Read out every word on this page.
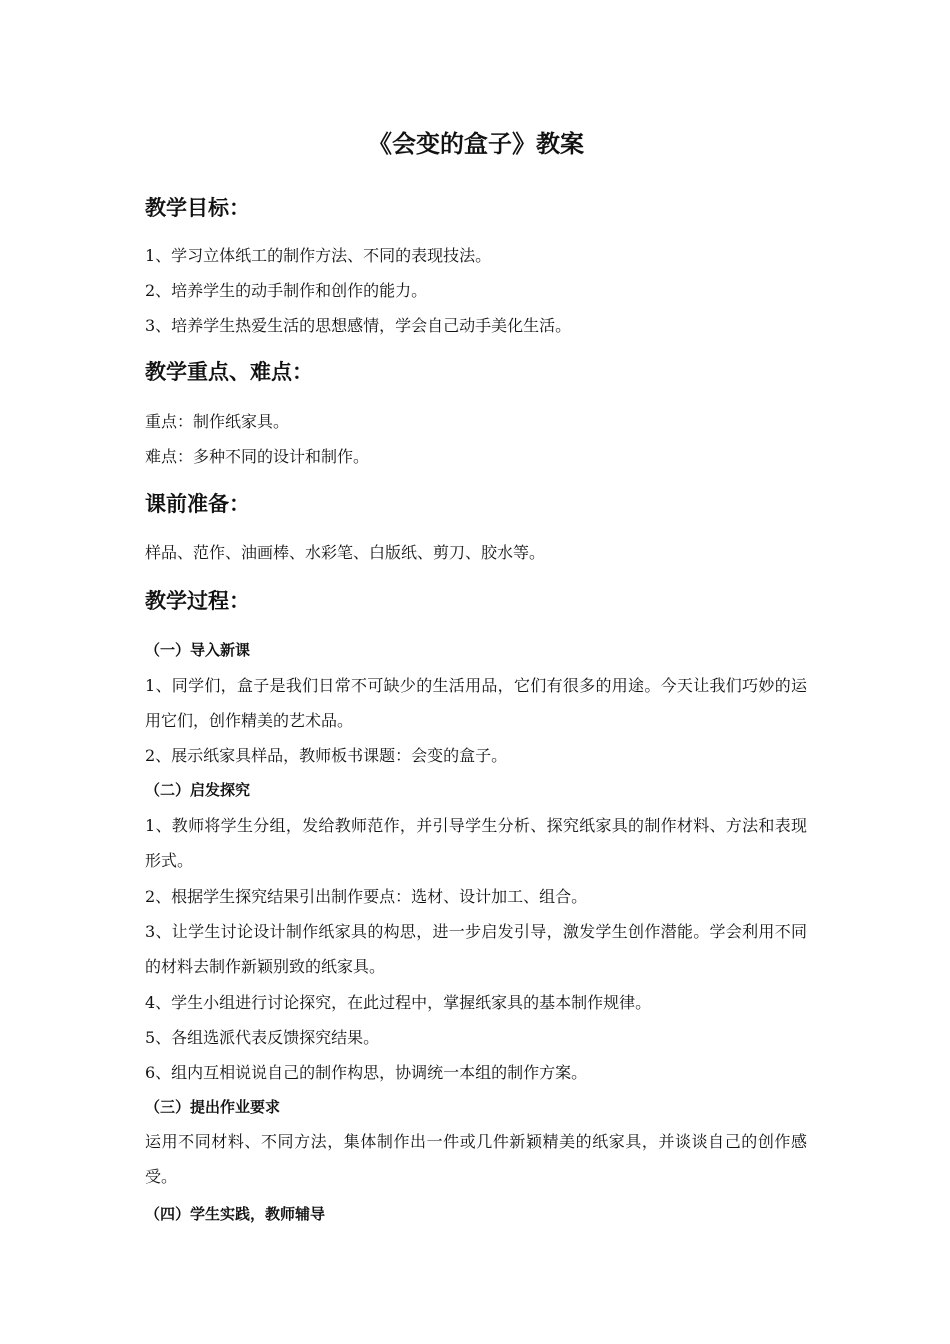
《会变的盒子》教案
教学目标：

1、学习立体纸工的制作方法、不同的表现技法。

2、培养学生的动手制作和创作的能力。

3、培养学生热爱生活的思想感情，学会自己动手美化生活。

教学重点、难点：

重点：制作纸家具。

难点：多种不同的设计和制作。

课前准备：

样品、范作、油画棒、水彩笔、白版纸、剪刀、胶水等。

教学过程：
（一）导入新课

1、同学们，盒子是我们日常不可缺少的生活用品，它们有很多的用途。今天让我们巧妙的运用它们，创作精美的艺术品。

2、展示纸家具样品，教师板书课题：会变的盒子。

（二）启发探究

1、教师将学生分组，发给教师范作，并引导学生分析、探究纸家具的制作材料、方法和表现形式。

2、根据学生探究结果引出制作要点：选材、设计加工、组合。

3、让学生讨论设计制作纸家具的构思，进一步启发引导，激发学生创作潜能。学会利用不同的材料去制作新颖别致的纸家具。

4、学生小组进行讨论探究，在此过程中，掌握纸家具的基本制作规律。

5、各组选派代表反馈探究结果。

6、组内互相说说自己的制作构思，协调统一本组的制作方案。

（三）提出作业要求

运用不同材料、不同方法，集体制作出一件或几件新颖精美的纸家具，并谈谈自己的创作感受。

（四）学生实践，教师辅导
